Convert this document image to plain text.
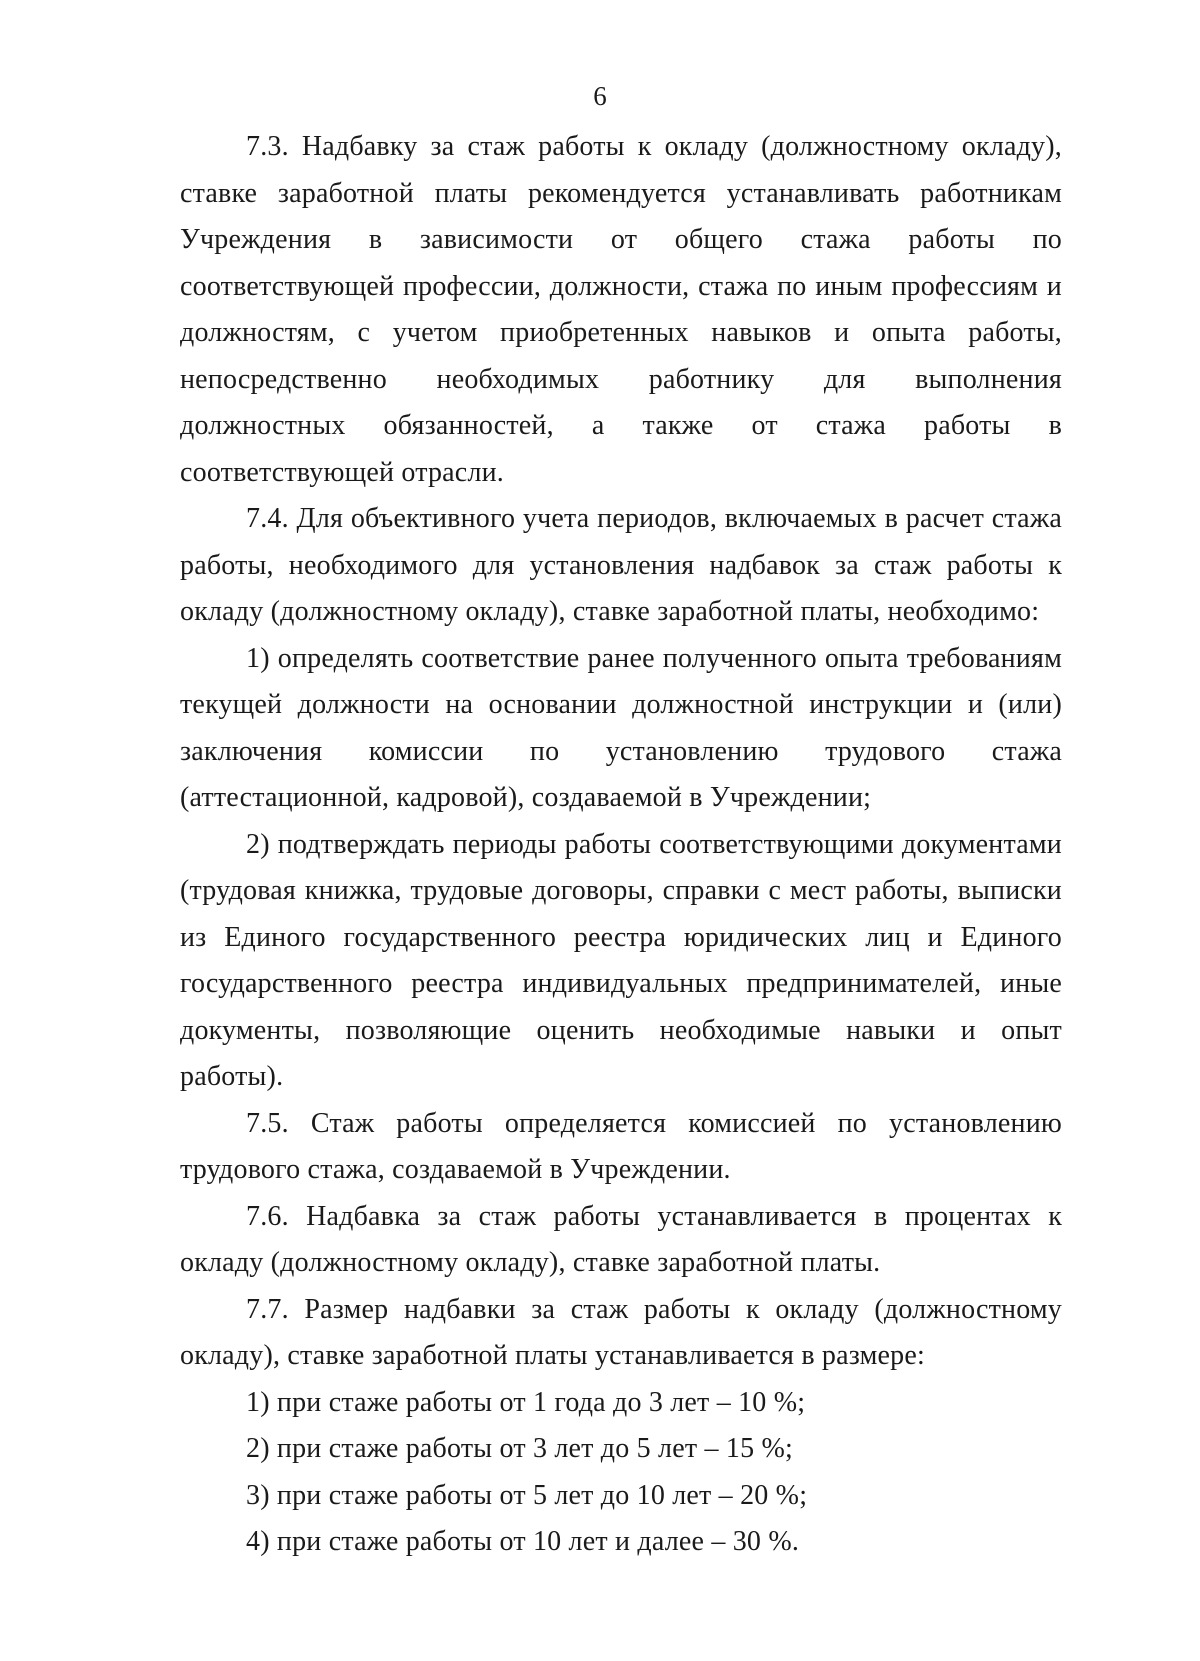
6

7.3. Надбавку за стаж работы к окладу (должностному окладу), ставке заработной платы рекомендуется устанавливать работникам Учреждения в зависимости от общего стажа работы по соответствующей профессии, должности, стажа по иным профессиям и должностям, с учетом приобретенных навыков и опыта работы, непосредственно необходимых работнику для выполнения должностных обязанностей, а также от стажа работы в соответствующей отрасли.

7.4. Для объективного учета периодов, включаемых в расчет стажа работы, необходимого для установления надбавок за стаж работы к окладу (должностному окладу), ставке заработной платы, необходимо:

1) определять соответствие ранее полученного опыта требованиям текущей должности на основании должностной инструкции и (или) заключения комиссии по установлению трудового стажа (аттестационной, кадровой), создаваемой в Учреждении;

2) подтверждать периоды работы соответствующими документами (трудовая книжка, трудовые договоры, справки с мест работы, выписки из Единого государственного реестра юридических лиц и Единого государственного реестра индивидуальных предпринимателей, иные документы, позволяющие оценить необходимые навыки и опыт работы).

7.5. Стаж работы определяется комиссией по установлению трудового стажа, создаваемой в Учреждении.

7.6. Надбавка за стаж работы устанавливается в процентах к окладу (должностному окладу), ставке заработной платы.

7.7. Размер надбавки за стаж работы к окладу (должностному окладу), ставке заработной платы устанавливается в размере:

1) при стаже работы от 1 года до 3 лет – 10 %;

2) при стаже работы от 3 лет до 5 лет – 15 %;

3) при стаже работы от 5 лет до 10 лет – 20 %;

4) при стаже работы от 10 лет и далее – 30 %.
